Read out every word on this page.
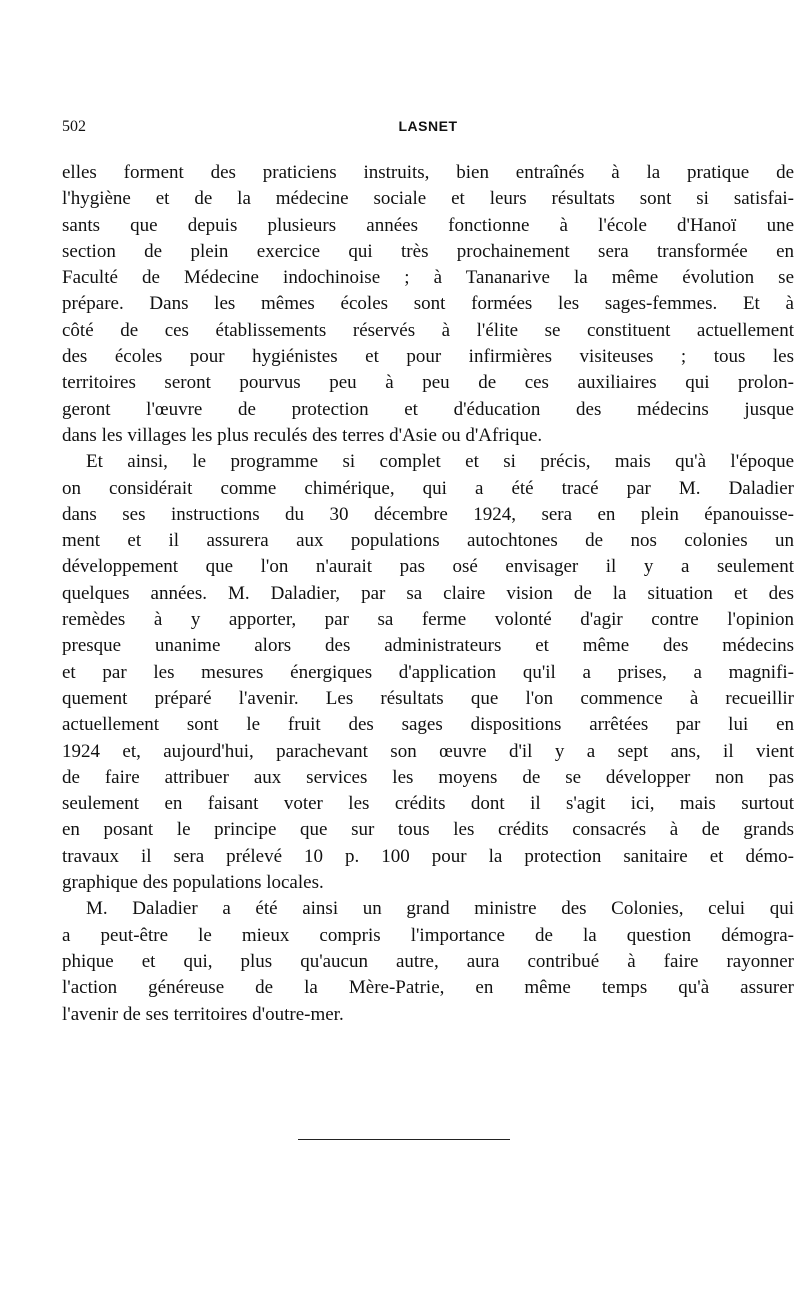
502	LASNET

elles forment des praticiens instruits, bien entraînés à la pratique de
l'hygiène et de la médecine sociale et leurs résultats sont si satisfai-
sants que depuis plusieurs années fonctionne à l'école d'Hanoï une
section de plein exercice qui très prochainement sera transformée en
Faculté de Médecine indochinoise ; à Tananarive la même évolution se
prépare. Dans les mêmes écoles sont formées les sages-femmes. Et à
côté de ces établissements réservés à l'élite se constituent actuellement
des écoles pour hygiénistes et pour infirmières visiteuses ; tous les
territoires seront pourvus peu à peu de ces auxiliaires qui prolon-
geront l'œuvre de protection et d'éducation des médecins jusque
dans les villages les plus reculés des terres d'Asie ou d'Afrique.

Et ainsi, le programme si complet et si précis, mais qu'à l'époque
on considérait comme chimérique, qui a été tracé par M. Daladier
dans ses instructions du 30 décembre 1924, sera en plein épanouisse-
ment et il assurera aux populations autochtones de nos colonies un
développement que l'on n'aurait pas osé envisager il y a seulement
quelques années. M. Daladier, par sa claire vision de la situation et des
remèdes à y apporter, par sa ferme volonté d'agir contre l'opinion
presque unanime alors des administrateurs et même des médecins
et par les mesures énergiques d'application qu'il a prises, a magnifi-
quement préparé l'avenir. Les résultats que l'on commence à recueillir
actuellement sont le fruit des sages dispositions arrêtées par lui en
1924 et, aujourd'hui, parachevant son œuvre d'il y a sept ans, il vient
de faire attribuer aux services les moyens de se développer non pas
seulement en faisant voter les crédits dont il s'agit ici, mais surtout
en posant le principe que sur tous les crédits consacrés à de grands
travaux il sera prélevé 10 p. 100 pour la protection sanitaire et démo-
graphique des populations locales.

M. Daladier a été ainsi un grand ministre des Colonies, celui qui
a peut-être le mieux compris l'importance de la question démogra-
phique et qui, plus qu'aucun autre, aura contribué à faire rayonner
l'action généreuse de la Mère-Patrie, en même temps qu'à assurer
l'avenir de ses territoires d'outre-mer.
